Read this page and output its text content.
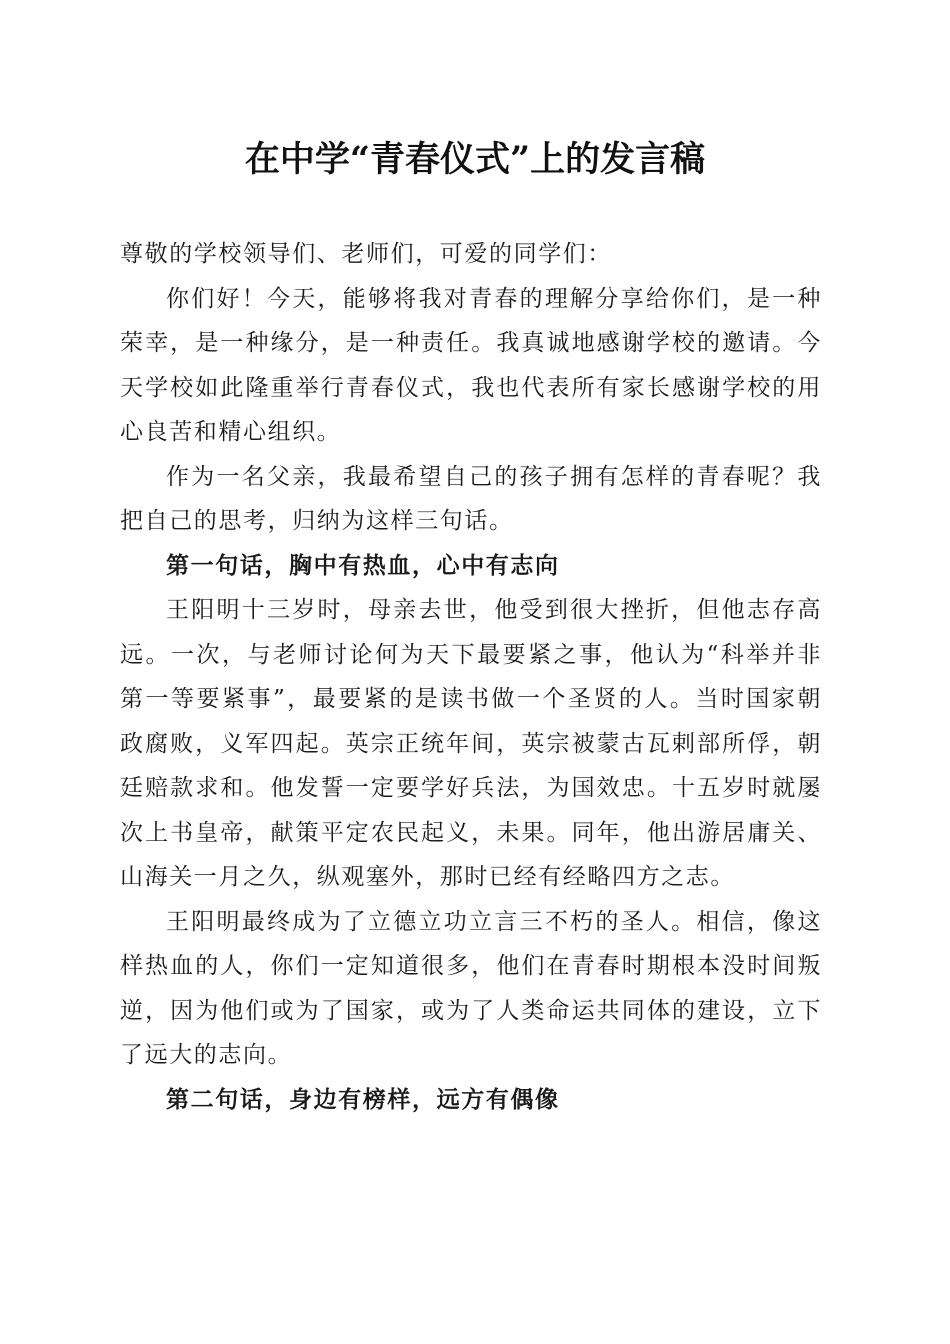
在中学“青春仪式”上的发言稿

尊敬的学校领导们、老师们，可爱的同学们：

你们好！今天，能够将我对青春的理解分享给你们，是一种荣幸，是一种缘分，是一种责任。我真诚地感谢学校的邀请。今天学校如此隆重举行青春仪式，我也代表所有家长感谢学校的用心良苦和精心组织。

作为一名父亲，我最希望自己的孩子拥有怎样的青春呢？我把自己的思考，归纳为这样三句话。

第一句话，胸中有热血，心中有志向

王阳明十三岁时，母亲去世，他受到很大挫折，但他志存高远。一次，与老师讨论何为天下最要紧之事，他认为“科举并非第一等要紧事”，最要紧的是读书做一个圣贤的人。当时国家朝政腐败，义军四起。英宗正统年间，英宗被蒙古瓦剌部所俘，朝廷赔款求和。他发誓一定要学好兵法，为国效忠。十五岁时就屡次上书皇帝，献策平定农民起义，未果。同年，他出游居庸关、山海关一月之久，纵观塞外，那时已经有经略四方之志。

王阳明最终成为了立德立功立言三不朽的圣人。相信，像这样热血的人，你们一定知道很多，他们在青春时期根本没时间叛逆，因为他们或为了国家，或为了人类命运共同体的建设，立下了远大的志向。

第二句话，身边有榜样，远方有偶像
